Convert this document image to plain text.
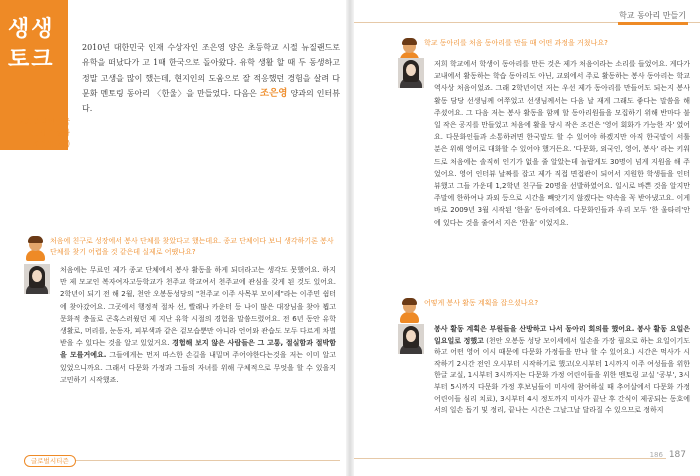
생생
토크
2010 대한민국
인재 수상자
조은영(29)
2010년 대한민국 인재 수상자인 조은영 양은 초등학교 시절 뉴질랜드로 유학을 떠났다가 고 1때 한국으로 돌아왔다. 유학 생활 할 때 두 동생하고 정말 고생을 많이 했는데, 현지인의 도움으로 잘 적응했던 경험을 살려 다문화 멘토링 동아리 〈한울〉을 만들었다. 다음은 조은영 양과의 인터뷰다.
처음에 친구로 성장에서 봉사 단체를 찾았다고 했는데요. 종교 단체이다 보니 생각하기론 봉사 단체를 찾기 어렵을 것 같은데 실제로 어땠나요?
처음에는 무료인 제가 종교 단체에서 봉사 활동을 하게 되더라고는 생각도 못했어요. 하지만 제 모교인 복자여자고등학교가 천주교 학교여서 천주교에 관심을 갖게 된 것도 있어요. 2학년이 되기 전 해 2월, 천안 오봉동성당의 "천주교 이주 사목부 모이세"라는 이주민 쉼터에 찾아갔어요. 그곳에서 행정적 절차 선, 빨래나 카운터 등 나이 많은 대장님을 찾아 뵙고 문화적 충돌로 곤혹스러웠던 제 지난 유학 시절의 경험을 말씀드렸어요. 전 6년 동안 유학 생활로, 머리를, 눈동자, 피부색과 같은 겉모습뿐만 아니라 언어와 관습도 모두 다르게 차별받을 수 있다는 것을 알고 있었거요. 경험해 보지 않은 사람들은 그 고통, 절실함과 절박함을 모를거예요. 그들에게는 먼저 따스한 손길을 내밀며 주어야한다는것을 저는 이미 알고 있었으니까요. 그래서 다문화 가정과 그들의 자녀를 위해 구체적으로 무엇을 할 수 있을지 고민하기 시작했죠.
글로벌시티즌
학교 동아리 만들기
학교 동아리를 처음 동아리를 만들 때 어떤 과정을 거쳤나요?
저희 학교에서 학생이 동아리를 만든 것은 제가 처음이라는 소리를 들었어요. 게다가 교내에서 활동하는 학습 동아리도 아닌, 교외에서 주로 활동하는 봉사 동아리는 학교 역사상 처음이었죠. 그래 2학년이던 저는 우선 제가 동아리를 만들어도 되는지 봉사 활동 담당 선생님께 여쭈었고 선생님께서는 다음 날 재게 그래도 좋다는 말씀을 해 주셨어요. 그 다음 저는 봉사 활동을 함께 할 동아리원들을 모집하기 위해 반마다 불일 작은 공지를 만들었고 처음에 활을 당시 작은 조건은 '영어 회화가 가능한 자' 였어요. 다문화인들과 소통하려면 한국말도 할 수 있어야 하겠지만 아직 한국말이 서툴 분은 위해 영어로 대화할 수 있어야 했거든요. '다문화, 외국인, 영어, 봉사' 라는 키워드로 처음에는 솔직히 인기가 없을 줄 알았는데 놀랍게도 30명이 넘게 지원을 해 주었어요. 영어 인터뷰 날짜를 잡고 제가 직접 면접관이 되어서 지원한 학생들을 인터뷰했고 그들 가운데 1,2학년 친구들 20명을 선발하였어요. 일시로 바쁜 것을 알지만 주말에 한하여나 과외 등으로 시간을 빼앗기지 않겠다는 약속을 꼭 받아냈고요. 이게 바로 2009년 3월 시작된 '한울' 동아리에요. 다문화인들과 우리 모두 '한 울타리'안에 있다는 것을 줄여서 지은 '한울' 이었지요.
어떻게 봉사 활동 계획을 잡으셨나요?
봉사 활동 계획은 부원들을 산방하고 나서 동아리 회의를 했어요. 봉사 활동 요일은 일요일로 정했고 (천안 오봉동 성당 모이세에서 일손을 가장 필요로 하는 요일이기도 하고 어떤 영어 이시 때문에 다문화 가정들을 만나 할 수 있어요.) 시간은 먹사가 시작하기 2시간 전인 오시부터 시작하기로 했고(오시부터 1시까지 이주 여성들을 위한 한글 교실, 1시부터 3시까지는 다문화 가정 어린이들을 위한 멘토링 교실 '공부', 3시부터 5시까지 다문화 가정 후보님들이 미사에 참여하실 때 추어살에서 다문화 가정 어린이들 심리 치료), 3시부터 4시 정도까지 미사가 끝난 후 간식이 제공되는 동호에서의 일손 돕기 및 정리, 끝나는 시간은 그날그날 달라질 수 있으므로 정하지
186 187
